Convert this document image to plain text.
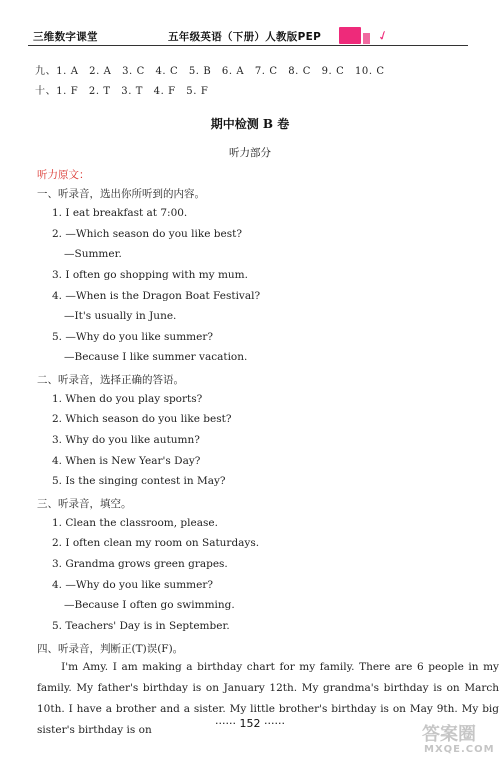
三维数字课堂	五年级英语（下册）人教版PEP	✓
九、1. A　2. A　3. C　4. C　5. B　6. A　7. C　8. C　9. C　10. C
十、1. F　2. T　3. T　4. F　5. F
期中检测 B 卷
听力部分
听力原文：
一、听录音，选出你所听到的内容。
1. I eat breakfast at 7:00.
2. —Which season do you like best?
—Summer.
3. I often go shopping with my mum.
4. —When is the Dragon Boat Festival?
—It's usually in June.
5. —Why do you like summer?
—Because I like summer vacation.
二、听录音，选择正确的答语。
1. When do you play sports?
2. Which season do you like best?
3. Why do you like autumn?
4. When is New Year's Day?
5. Is the singing contest in May?
三、听录音，填空。
1. Clean the classroom, please.
2. I often clean my room on Saturdays.
3. Grandma grows green grapes.
4. —Why do you like summer?
—Because I often go swimming.
5. Teachers' Day is in September.
四、听录音，判断正(T)误(F)。

I'm Amy. I am making a birthday chart for my family. There are 6 people in my family. My father's birthday is on January 12th. My grandma's birthday is on March 10th. I have a brother and a sister. My little brother's birthday is on May 9th. My big sister's birthday is on	······ 152 ······
答案圈
MXQE.COM
